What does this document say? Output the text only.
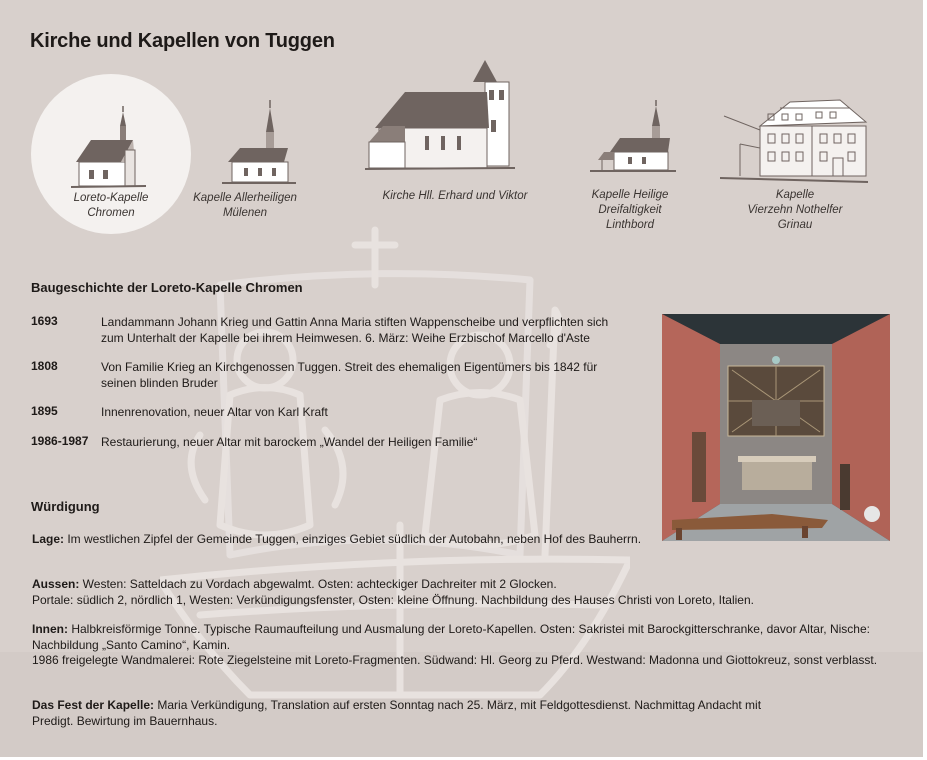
Kirche und Kapellen von Tuggen
Loreto-Kapelle
Chromen
Kapelle Allerheiligen
Mülenen
Kirche Hll. Erhard und Viktor	Kapelle Heilige
Dreifaltigkeit
Linthbord
Kapelle
Vierzehn Nothelfer
Grinau
Baugeschichte der Loreto-Kapelle Chromen
1693	Landammann Johann Krieg und Gattin Anna Maria stiften Wappenscheibe und verpflichten sich zum Unterhalt der Kapelle bei ihrem Heimwesen. 6. März: Weihe Erzbischof Marcello d'Aste
1808	Von Familie Krieg an Kirchgenossen Tuggen. Streit des ehemaligen Eigentümers bis 1842 für seinen blinden Bruder
1895	Innenrenovation, neuer Altar von Karl Kraft
1986-1987 Restaurierung, neuer Altar mit barockem „Wandel der Heiligen Familie“
Würdigung

Lage: Im westlichen Zipfel der Gemeinde Tuggen, einziges Gebiet südlich der Autobahn, neben Hof des Bauherrn.

Aussen: Westen: Satteldach zu Vordach abgewalmt. Osten: achteckiger Dachreiter mit 2 Glocken.
Portale: südlich 2, nördlich 1, Westen: Verkündigungsfenster, Osten: kleine Öffnung. Nachbildung des Hauses Christi von Loreto, Italien.

Innen: Halbkreisförmige Tonne. Typische Raumaufteilung und Ausmalung der Loreto-Kapellen. Osten: Sakristei mit Barockgitterschranke, davor Altar, Nische: Nachbildung „Santo Camino“, Kamin.
1986 freigelegte Wandmalerei: Rote Ziegelsteine mit Loreto-Fragmenten. Südwand: Hl. Georg zu Pferd. Westwand: Madonna und Giottokreuz, sonst verblasst.

Das Fest der Kapelle: Maria Verkündigung, Translation auf ersten Sonntag nach 25. März, mit Feldgottesdienst. Nachmittag Andacht mit Predigt. Bewirtung im Bauernhaus.
